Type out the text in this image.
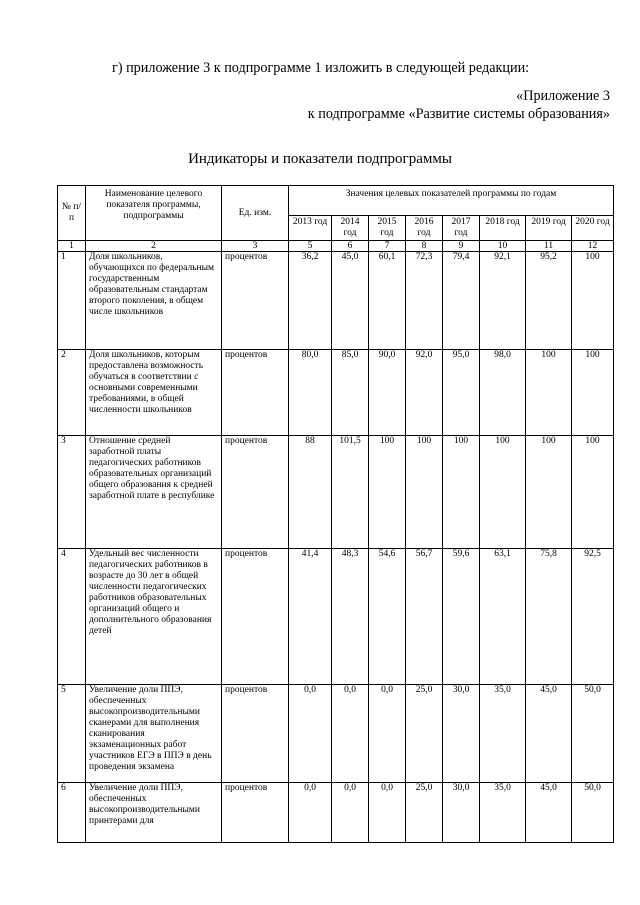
г) приложение 3 к подпрограмме 1 изложить в следующей редакции:
«Приложение 3
к подпрограмме «Развитие системы образования»
Индикаторы и показатели подпрограммы
№ п/п	Наименование целевого показателя программы, подпрограммы	Ед. изм.	Значения целевых показателей программы по годам							
			2013 год	2014 год	2015 год	2016 год	2017 год	2018 год	2019 год	2020 год
1	2	3	5	6	7	8	9	10	11	12
1	Доля школьников, обучающихся по федеральным государственным образовательным стандартам второго поколения, в общем числе школьников	процентов	36,2	45,0	60,1	72,3	79,4	92,1	95,2	100
2	Доля школьников, которым предоставлена возможность обучаться в соответствии с основными современными требованиями, в общей численности школьников	процентов	80,0	85,0	90,0	92,0	95,0	98,0	100	100
3	Отношение средней заработной платы педагогических работников образовательных организаций общего образования к средней заработной плате в республике	процентов	88	101,5	100	100	100	100	100	100
4	Удельный вес численности педагогических работников в возрасте до 30 лет в общей численности педагогических работников образовательных организаций общего и дополнительного образования детей	процентов	41,4	48,3	54,6	56,7	59,6	63,1	75,8	92,5
5	Увеличение доли ППЭ, обеспеченных высокопроизводительными сканерами для выполнения сканирования экзаменационных работ участников ЕГЭ в ППЭ в день проведения экзамена	процентов	0,0	0,0	0,0	25,0	30,0	35,0	45,0	50,0
6	Увеличение доли ППЭ, обеспеченных высокопроизводительными принтерами для	процентов	0,0	0,0	0,0	25,0	30,0	35,0	45,0	50,0
